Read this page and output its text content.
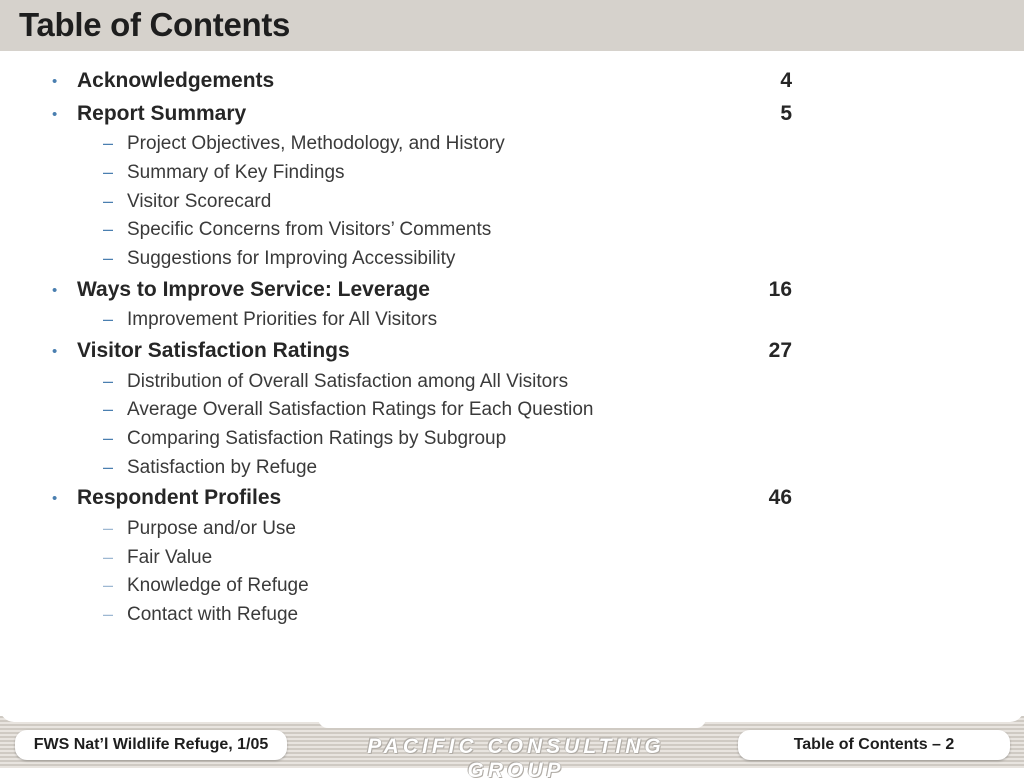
Table of Contents
• Acknowledgements	4
• Report Summary	5
– Project Objectives, Methodology, and History
– Summary of Key Findings
– Visitor Scorecard
– Specific Concerns from Visitors’ Comments
– Suggestions for Improving Accessibility
• Ways to Improve Service: Leverage	16
– Improvement Priorities for All Visitors
• Visitor Satisfaction Ratings	27
– Distribution of Overall Satisfaction among All Visitors
– Average Overall Satisfaction Ratings for Each Question
– Comparing Satisfaction Ratings by Subgroup
– Satisfaction by Refuge
• Respondent Profiles	46
– Purpose and/or Use
– Fair Value
– Knowledge of Refuge
– Contact with Refuge
FWS Nat’l Wildlife Refuge, 1/05	PACIFIC CONSULTING GROUP
Table of Contents – 2
